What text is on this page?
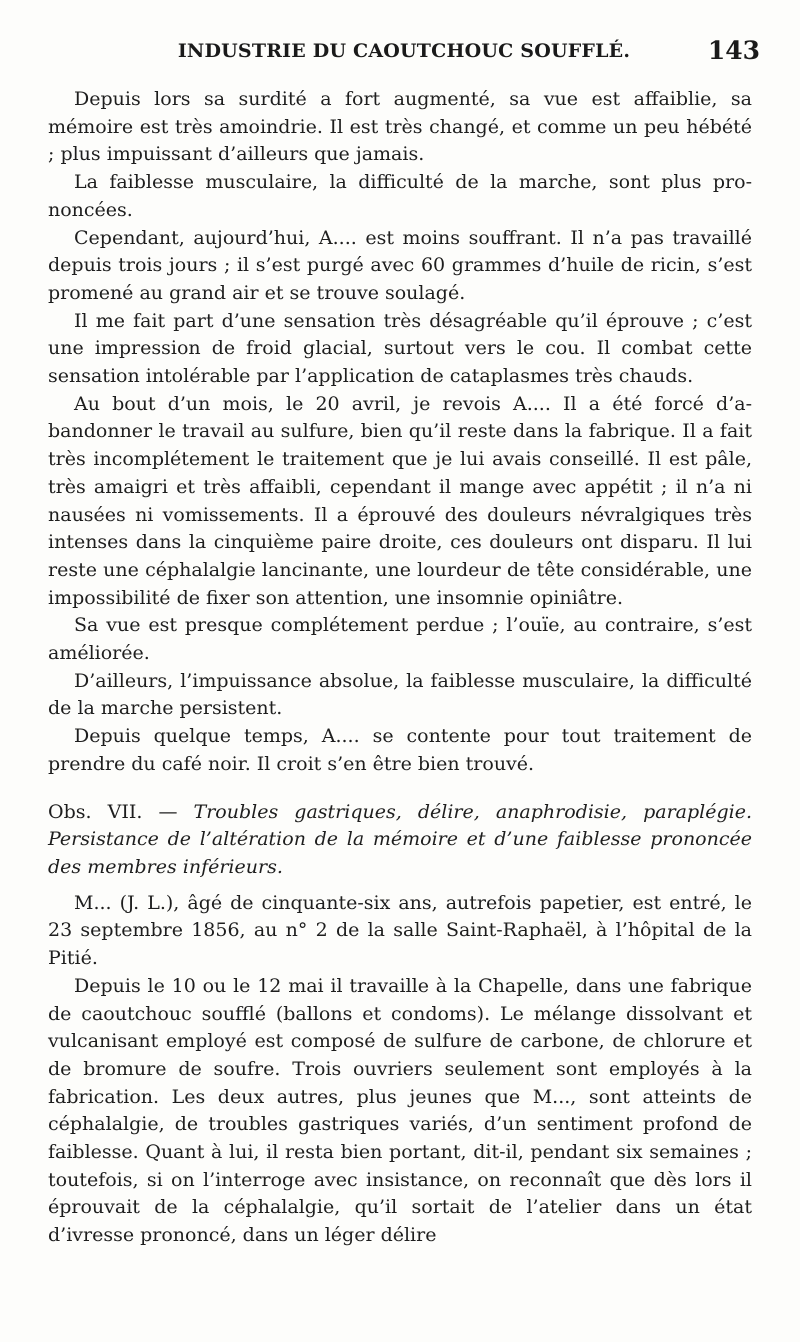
INDUSTRIE DU CAOUTCHOUC SOUFFLÉ.	143

Depuis lors sa surdité a fort augmenté, sa vue est affaiblie, sa mémoire est très amoindrie. Il est très changé, et comme un peu hébété ; plus impuissant d’ailleurs que jamais.

La faiblesse musculaire, la difficulté de la marche, sont plus prononcées.

Cependant, aujourd’hui, A.... est moins souffrant. Il n’a pas travaillé depuis trois jours ; il s’est purgé avec 60 grammes d’huile de ricin, s’est promené au grand air et se trouve soulagé.

Il me fait part d’une sensation très désagréable qu’il éprouve ; c’est une impression de froid glacial, surtout vers le cou. Il combat cette sensation intolérable par l’application de cataplasmes très chauds.

Au bout d’un mois, le 20 avril, je revois A.... Il a été forcé d’abandonner le travail au sulfure, bien qu’il reste dans la fabrique. Il a fait très incomplétement le traitement que je lui avais conseillé. Il est pâle, très amaigri et très affaibli, cependant il mange avec appétit ; il n’a ni nausées ni vomissements. Il a éprouvé des douleurs névralgiques très intenses dans la cinquième paire droite, ces douleurs ont disparu. Il lui reste une céphalalgie lancinante, une lourdeur de tête considérable, une impossibilité de fixer son attention, une insomnie opiniâtre.

Sa vue est presque complétement perdue ; l’ouïe, au contraire, s’est améliorée.

D’ailleurs, l’impuissance absolue, la faiblesse musculaire, la difficulté de la marche persistent.

Depuis quelque temps, A.... se contente pour tout traitement de prendre du café noir. Il croit s’en être bien trouvé.

Obs. VII. — Troubles gastriques, délire, anaphrodisie, paraplégie. Persistance de l’altération de la mémoire et d’une faiblesse prononcée des membres inférieurs.

M... (J. L.), âgé de cinquante-six ans, autrefois papetier, est entré, le 23 septembre 1856, au n° 2 de la salle Saint-Raphaël, à l’hôpital de la Pitié.

Depuis le 10 ou le 12 mai il travaille à la Chapelle, dans une fabrique de caoutchouc soufflé (ballons et condoms). Le mélange dissolvant et vulcanisant employé est composé de sulfure de carbone, de chlorure et de bromure de soufre. Trois ouvriers seulement sont employés à la fabrication. Les deux autres, plus jeunes que M..., sont atteints de céphalalgie, de troubles gastriques variés, d’un sentiment profond de faiblesse. Quant à lui, il resta bien portant, dit-il, pendant six semaines ; toutefois, si on l’interroge avec insistance, on reconnaît que dès lors il éprouvait de la céphalalgie, qu’il sortait de l’atelier dans un état d’ivresse prononcé, dans un léger délire
